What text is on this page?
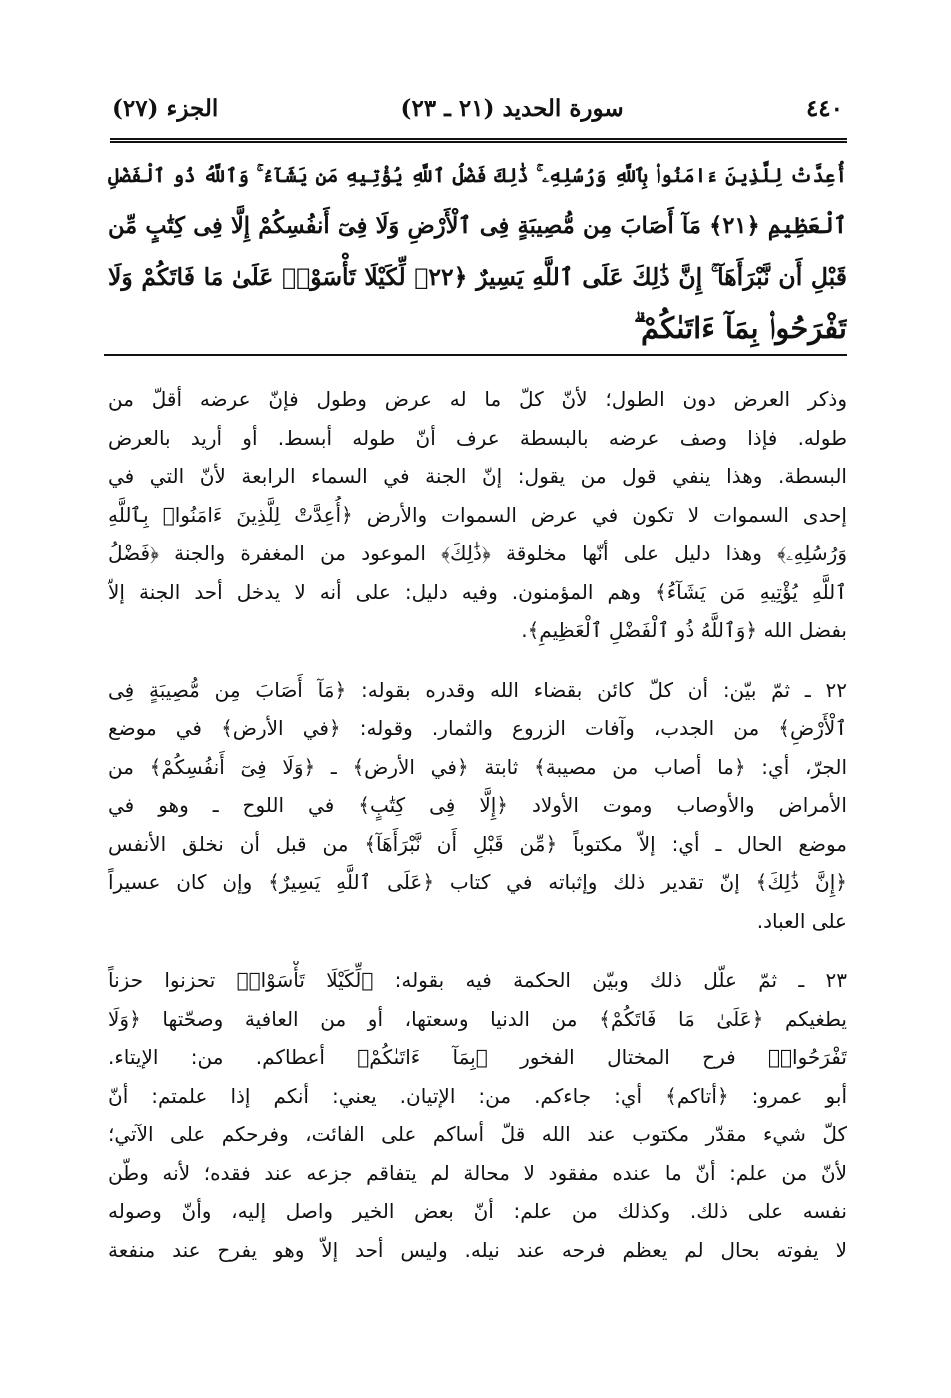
٤٤٠
سورة الحديد (٢١ ـ ٢٣)
الجزء (٢٧)
أُعِدَّتْ لِلَّذِينَ ءَامَنُوا۟ بِٱللَّهِ وَرُسُلِهِۦ ۚ ذَٰلِكَ فَضْلُ ٱللَّهِ يُؤْتِيهِ مَن يَشَآءُ ۚ وَٱللَّهُ ذُو ٱلْفَضْلِ
ٱلْعَظِيمِ ﴿٢١﴾ مَآ أَصَابَ مِن مُّصِيبَةٍ فِى ٱلْأَرْضِ وَلَا فِىٓ أَنفُسِكُمْ إِلَّا فِى كِتَٰبٍ مِّن
قَبْلِ أَن نَّبْرَأَهَآ ۚ إِنَّ ذَٰلِكَ عَلَى ٱللَّهِ يَسِيرٌ ﴿٢٢﴾ لِّكَيْلَا تَأْسَوْا۟ عَلَىٰ مَا فَاتَكُمْ وَلَا
تَفْرَحُوا۟ بِمَآ ءَاتَىٰكُمْ ۗ
وذكر العرض دون الطول؛ لأنّ كلّ ما له عرض وطول فإنّ عرضه أقلّ من
طوله. فإذا وصف عرضه بالبسطة عرف أنّ طوله أبسط. أو أريد بالعرض
البسطة. وهذا ينفي قول من يقول: إنّ الجنة في السماء الرابعة لأنّ التي في
إحدى السموات لا تكون في عرض السموات والأرض ﴿أُعِدَّتْ لِلَّذِينَ ءَامَنُوا۟ بِٱللَّهِ
وَرُسُلِهِۦ﴾ وهذا دليل على أنّها مخلوقة ﴿ذَٰلِكَ﴾ الموعود من المغفرة والجنة ﴿فَضْلُ
ٱللَّهِ يُؤْتِيهِ مَن يَشَآءُ﴾ وهم المؤمنون. وفيه دليل: على أنه لا يدخل أحد الجنة إلاّ
بفضل الله ﴿وَٱللَّهُ ذُو ٱلْفَضْلِ ٱلْعَظِيمِ﴾.
٢٢ ـ ثمّ بيّن: أن كلّ كائن بقضاء الله وقدره بقوله: ﴿مَآ أَصَابَ مِن مُّصِيبَةٍ فِى
ٱلْأَرْضِ﴾ من الجدب، وآفات الزروع والثمار. وقوله: ﴿في الأرض﴾ في موضع
الجرّ، أي: ﴿ما أصاب من مصيبة﴾ ثابتة ﴿في الأرض﴾ ـ ﴿وَلَا فِىٓ أَنفُسِكُمْ﴾ من
الأمراض والأوصاب وموت الأولاد ﴿إِلَّا فِى كِتَٰبٍ﴾ في اللوح ـ وهو في
موضع الحال ـ أي: إلاّ مكتوباً ﴿مِّن قَبْلِ أَن نَّبْرَأَهَآ﴾ من قبل أن نخلق الأنفس
﴿إِنَّ ذَٰلِكَ﴾ إنّ تقدير ذلك وإثباته في كتاب ﴿عَلَى ٱللَّهِ يَسِيرٌ﴾ وإن كان عسيراً
على العباد.
٢٣ ـ ثمّ علّل ذلك وبيّن الحكمة فيه بقوله: ﴿لِّكَيْلَا تَأْسَوْا۟﴾ تحزنوا حزناً
يطغيكم ﴿عَلَىٰ مَا فَاتَكُمْ﴾ من الدنيا وسعتها، أو من العافية وصحّتها ﴿وَلَا
تَفْرَحُوا۟﴾ فرح المختال الفخور ﴿بِمَآ ءَاتَىٰكُمْ﴾ أعطاكم. من: الإيتاء.
أبو عمرو: ﴿أتاكم﴾ أي: جاءكم. من: الإتيان. يعني: أنكم إذا علمتم: أنّ
كلّ شيء مقدّر مكتوب عند الله قلّ أساكم على الفائت، وفرحكم على الآتي؛
لأنّ من علم: أنّ ما عنده مفقود لا محالة لم يتفاقم جزعه عند فقده؛ لأنه وطّن
نفسه على ذلك. وكذلك من علم: أنّ بعض الخير واصل إليه، وأنّ وصوله
لا يفوته بحال لم يعظم فرحه عند نيله. وليس أحد إلاّ وهو يفرح عند منفعة
